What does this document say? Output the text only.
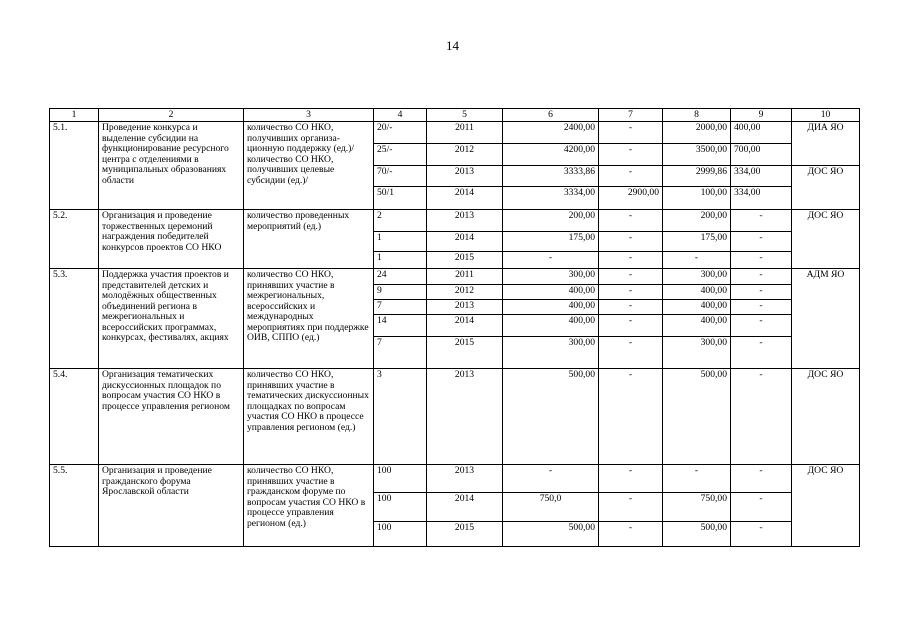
14
1	2	3	4	5	6	7	8	9	10
5.1.	Проведение конкурса и выделение субсидии на функционирование ресурсного центра с отделениями в муниципальных образованиях области	количество СО НКО, получивших организа-ционную поддержку (ед.)/ количество СО НКО, получивших целевые субсидии (ед.)/	20/-	2011	2400,00	-	2000,00	400,00	ДИА ЯО
			25/-	2012	4200,00	-	3500,00	700,00	
			70/-	2013	3333,86	-	2999,86	334,00	ДОС ЯО
			50/1	2014	3334,00	2900,00	100,00	334,00	
5.2.	Организация и проведение торжественных церемоний награждения победителей конкурсов проектов СО НКО	количество проведенных мероприятий (ед.)	2	2013	200,00	-	200,00	-	ДОС ЯО
			1	2014	175,00	-	175,00	-	
			1	2015	-	-	-	-	
5.3.	Поддержка участия проектов и представителей детских и молодёжных общественных объединений региона в межрегиональных и всероссийских программах, конкурсах, фестивалях, акциях	количество СО НКО, принявших участие в межрегиональных, всероссийских и международных мероприятиях при поддержке ОИВ, СППО (ед.)	24	2011	300,00	-	300,00	-	АДМ ЯО
			9	2012	400,00	-	400,00	-	
			7	2013	400,00	-	400,00	-	
			14	2014	400,00	-	400,00	-	
			7	2015	300,00	-	300,00	-	
5.4.	Организация тематических дискуссионных площадок по вопросам участия СО НКО в процессе управления регионом	количество СО НКО, принявших участие в тематических дискуссионных площадках по вопросам участия СО НКО в процессе управления регионом (ед.)	3	2013	500,00	-	500,00	-	ДОС ЯО
5.5.	Организация и проведение гражданского форума Ярославской области	количество СО НКО, принявших участие в гражданском форуме по вопросам участия СО НКО в процессе управления регионом (ед.)	100	2013	-	-	-	-	ДОС ЯО
			100	2014	750,0	-	750,00	-	
			100	2015	500,00	-	500,00	-	
